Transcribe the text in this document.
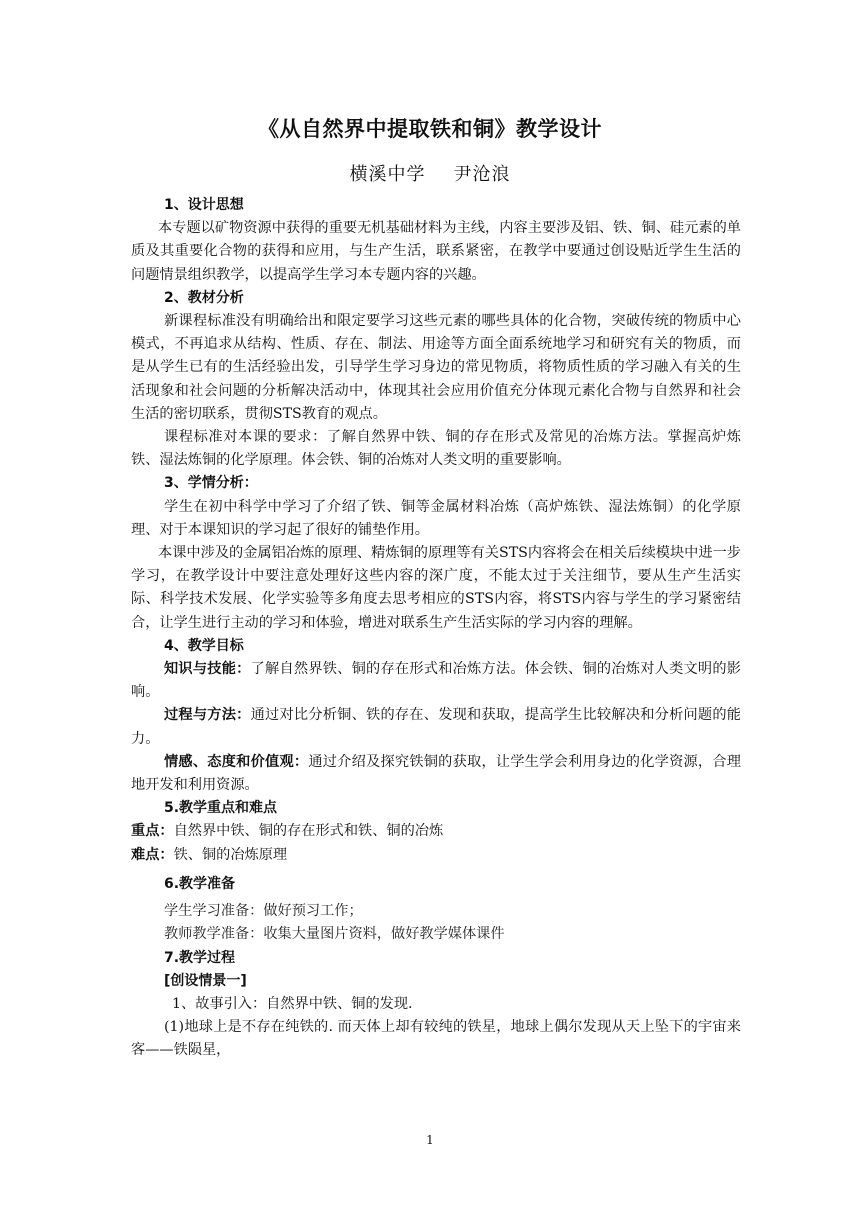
《从自然界中提取铁和铜》教学设计
横溪中学 尹沧浪

1、设计思想

本专题以矿物资源中获得的重要无机基础材料为主线，内容主要涉及铝、铁、铜、硅元素的单质及其重要化合物的获得和应用，与生产生活，联系紧密，在教学中要通过创设贴近学生生活的问题情景组织教学，以提高学生学习本专题内容的兴趣。

2、教材分析

新课程标准没有明确给出和限定要学习这些元素的哪些具体的化合物，突破传统的物质中心模式，不再追求从结构、性质、存在、制法、用途等方面全面系统地学习和研究有关的物质，而是从学生已有的生活经验出发，引导学生学习身边的常见物质，将物质性质的学习融入有关的生活现象和社会问题的分析解决活动中，体现其社会应用价值充分体现元素化合物与自然界和社会生活的密切联系，贯彻STS教育的观点。

课程标准对本课的要求：了解自然界中铁、铜的存在形式及常见的冶炼方法。掌握高炉炼铁、湿法炼铜的化学原理。体会铁、铜的冶炼对人类文明的重要影响。

3、学情分析：

学生在初中科学中学习了介绍了铁、铜等金属材料冶炼（高炉炼铁、湿法炼铜）的化学原理、对于本课知识的学习起了很好的铺垫作用。

本课中涉及的金属铝冶炼的原理、精炼铜的原理等有关STS内容将会在相关后续模块中进一步学习，在教学设计中要注意处理好这些内容的深广度，不能太过于关注细节，要从生产生活实际、科学技术发展、化学实验等多角度去思考相应的STS内容，将STS内容与学生的学习紧密结合，让学生进行主动的学习和体验，增进对联系生产生活实际的学习内容的理解。

4、教学目标

知识与技能：了解自然界铁、铜的存在形式和冶炼方法。体会铁、铜的冶炼对人类文明的影响。

过程与方法：通过对比分析铜、铁的存在、发现和获取，提高学生比较解决和分析问题的能力。

情感、态度和价值观：通过介绍及探究铁铜的获取，让学生学会利用身边的化学资源，合理地开发和利用资源。

5.教学重点和难点

重点：自然界中铁、铜的存在形式和铁、铜的冶炼

难点：铁、铜的冶炼原理

6.教学准备

学生学习准备：做好预习工作；

教师教学准备：收集大量图片资料，做好教学媒体课件

7.教学过程

[创设情景一]

1、故事引入：自然界中铁、铜的发现.

(1)地球上是不存在纯铁的. 而天体上却有较纯的铁星，地球上偶尔发现从天上坠下的宇宙来客——铁陨星，

1
